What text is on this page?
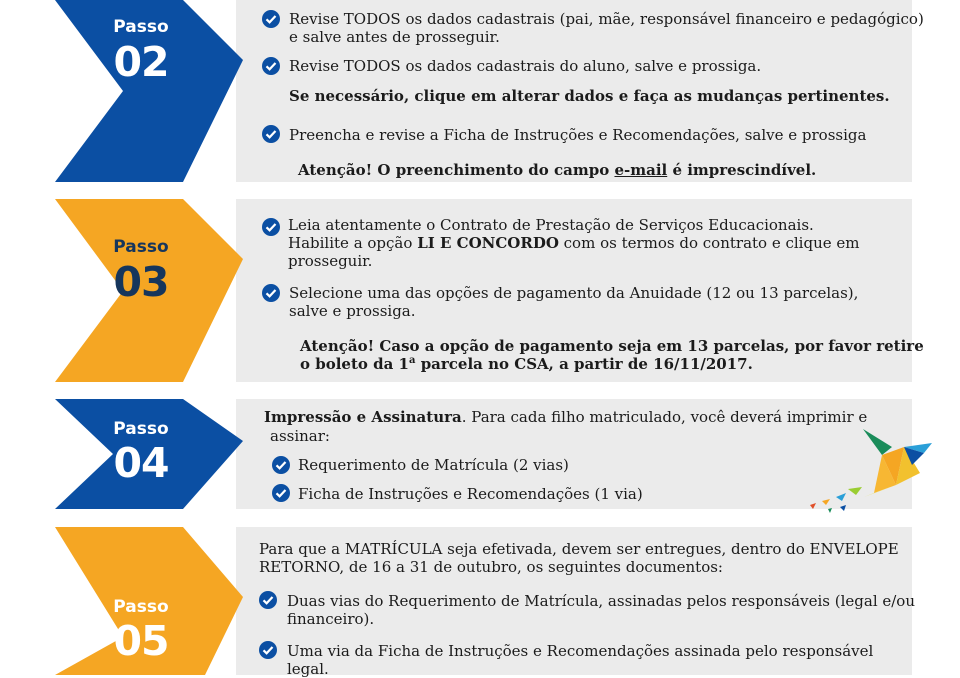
Passo
02
Revise TODOS os dados cadastrais (pai, mãe, responsável financeiro e pedagógico)
e salve antes de prosseguir.
Revise TODOS os dados cadastrais do aluno, salve e prossiga.
Se necessário, clique em alterar dados e faça as mudanças pertinentes.
Preencha e revise a Ficha de Instruções e Recomendações, salve e prossiga
Atenção! O preenchimento do campo e-mail é imprescindível.
Passo
03
Leia atentamente o Contrato de Prestação de Serviços Educacionais.
Habilite a opção LI E CONCORDO com os termos do contrato e clique em
prosseguir.
Selecione uma das opções de pagamento da Anuidade (12 ou 13 parcelas),
salve e prossiga.
Atenção! Caso a opção de pagamento seja em 13 parcelas, por favor retire
o boleto da 1$^a$ parcela no CSA, a partir de 16/11/2017.
Passo
04
Impressão e Assinatura. Para cada filho matriculado, você deverá imprimir e
assinar:
Requerimento de Matrícula (2 vias)
Ficha de Instruções e Recomendações (1 via)
Passo
05
Para que a MATRÍCULA seja efetivada, devem ser entregues, dentro do ENVELOPE
RETORNO, de 16 a 31 de outubro, os seguintes documentos:
Duas vias do Requerimento de Matrícula, assinadas pelos responsáveis (legal e/ou
financeiro).
Uma via da Ficha de Instruções e Recomendações assinada pelo responsável
legal.
